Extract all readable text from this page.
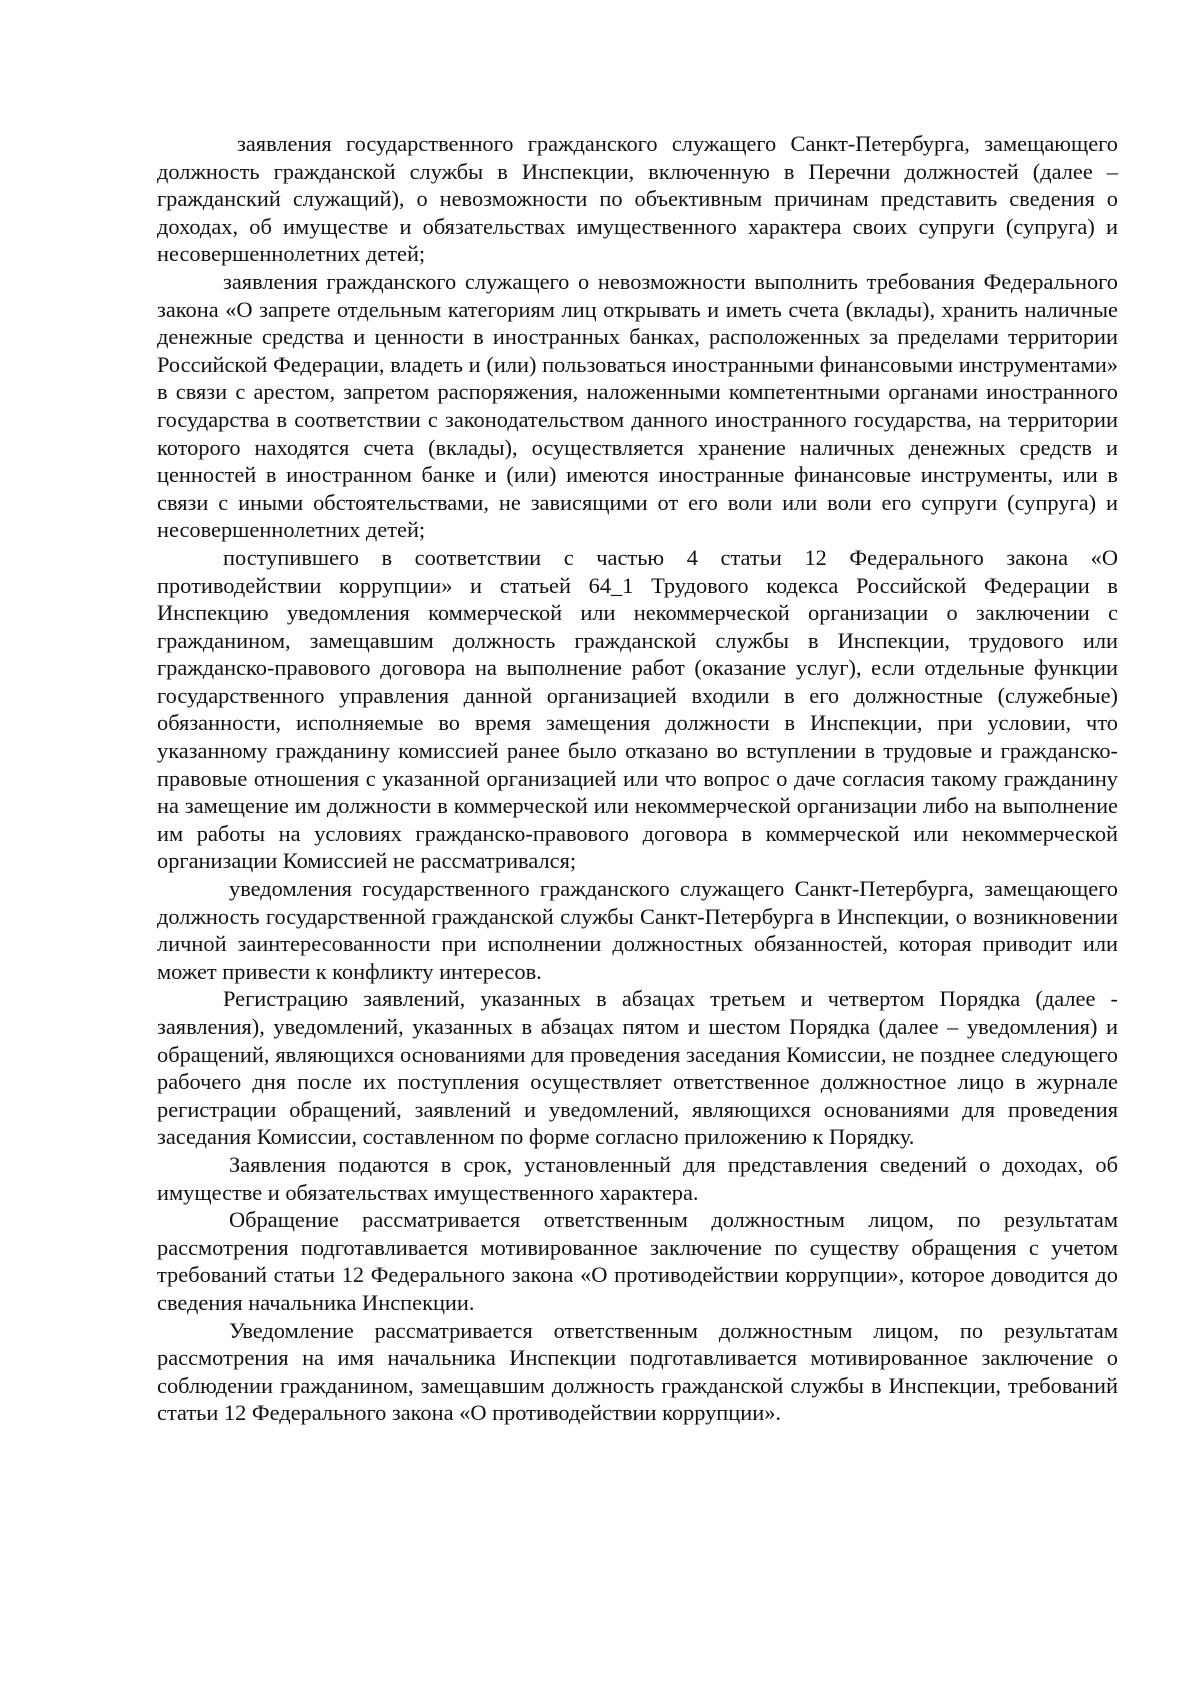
заявления государственного гражданского служащего Санкт-Петербурга, замещающего должность гражданской службы в Инспекции, включенную в Перечни должностей (далее – гражданский служащий), о невозможности по объективным причинам представить сведения о доходах, об имуществе и обязательствах имущественного характера своих супруги (супруга) и несовершеннолетних детей;

заявления гражданского служащего о невозможности выполнить требования Федерального закона «О запрете отдельным категориям лиц открывать и иметь счета (вклады), хранить наличные денежные средства и ценности в иностранных банках, расположенных за пределами территории Российской Федерации, владеть и (или) пользоваться иностранными финансовыми инструментами» в связи с арестом, запретом распоряжения, наложенными компетентными органами иностранного государства в соответствии с законодательством данного иностранного государства, на территории которого находятся счета (вклады), осуществляется хранение наличных денежных средств и ценностей в иностранном банке и (или) имеются иностранные финансовые инструменты, или в связи с иными обстоятельствами, не зависящими от его воли или воли его супруги (супруга) и несовершеннолетних детей;

поступившего в соответствии с частью 4 статьи 12 Федерального закона «О противодействии коррупции» и статьей 64_1 Трудового кодекса Российской Федерации в Инспекцию уведомления коммерческой или некоммерческой организации о заключении с гражданином, замещавшим должность гражданской службы в Инспекции, трудового или гражданско-правового договора на выполнение работ (оказание услуг), если отдельные функции государственного управления данной организацией входили в его должностные (служебные) обязанности, исполняемые во время замещения должности в Инспекции, при условии, что указанному гражданину комиссией ранее было отказано во вступлении в трудовые и гражданско-правовые отношения с указанной организацией или что вопрос о даче согласия такому гражданину на замещение им должности в коммерческой или некоммерческой организации либо на выполнение им работы на условиях гражданско-правового договора в коммерческой или некоммерческой организации Комиссией не рассматривался;

уведомления государственного гражданского служащего Санкт-Петербурга, замещающего должность государственной гражданской службы Санкт-Петербурга в Инспекции, о возникновении личной заинтересованности при исполнении должностных обязанностей, которая приводит или может привести к конфликту интересов.

Регистрацию заявлений, указанных в абзацах третьем и четвертом Порядка (далее - заявления), уведомлений, указанных в абзацах пятом и шестом Порядка (далее – уведомления) и обращений, являющихся основаниями для проведения заседания Комиссии, не позднее следующего рабочего дня после их поступления осуществляет ответственное должностное лицо в журнале регистрации обращений, заявлений и уведомлений, являющихся основаниями для проведения заседания Комиссии, составленном по форме согласно приложению к Порядку.

Заявления подаются в срок, установленный для представления сведений о доходах, об имуществе и обязательствах имущественного характера.

Обращение рассматривается ответственным должностным лицом, по результатам рассмотрения подготавливается мотивированное заключение по существу обращения с учетом требований статьи 12 Федерального закона «О противодействии коррупции», которое доводится до сведения начальника Инспекции.

Уведомление рассматривается ответственным должностным лицом, по результатам рассмотрения на имя начальника Инспекции подготавливается мотивированное заключение о соблюдении гражданином, замещавшим должность гражданской службы в Инспекции, требований статьи 12 Федерального закона «О противодействии коррупции».
